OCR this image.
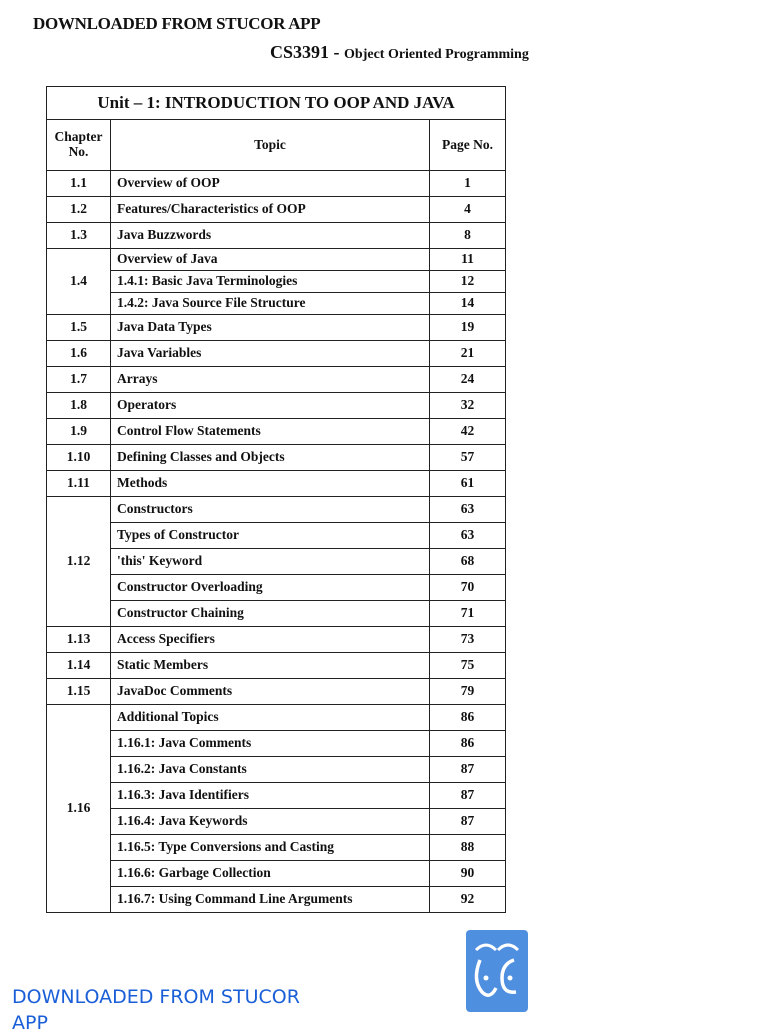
DOWNLOADED FROM STUCOR APP
CS3391 - Object Oriented Programming
Unit – 1: INTRODUCTION TO OOP AND JAVA		
Chapter No.	Topic	Page No.
1.1	Overview of OOP	1
1.2	Features/Characteristics of OOP	4
1.3	Java Buzzwords	8
1.4	Overview of Java	11
	1.4.1: Basic Java Terminologies	12
	1.4.2: Java Source File Structure	14
1.5	Java Data Types	19
1.6	Java Variables	21
1.7	Arrays	24
1.8	Operators	32
1.9	Control Flow Statements	42
1.10	Defining Classes and Objects	57
1.11	Methods	61
1.12	Constructors	63
	Types of Constructor	63
	'this' Keyword	68
	Constructor Overloading	70
	Constructor Chaining	71
1.13	Access Specifiers	73
1.14	Static Members	75
1.15	JavaDoc Comments	79
1.16	Additional Topics	86
	1.16.1: Java Comments	86
	1.16.2: Java Constants	87
	1.16.3: Java Identifiers	87
	1.16.4: Java Keywords	87
	1.16.5: Type Conversions and Casting	88
	1.16.6: Garbage Collection	90
	1.16.7: Using Command Line Arguments	92
DOWNLOADED FROM STUCOR APP
